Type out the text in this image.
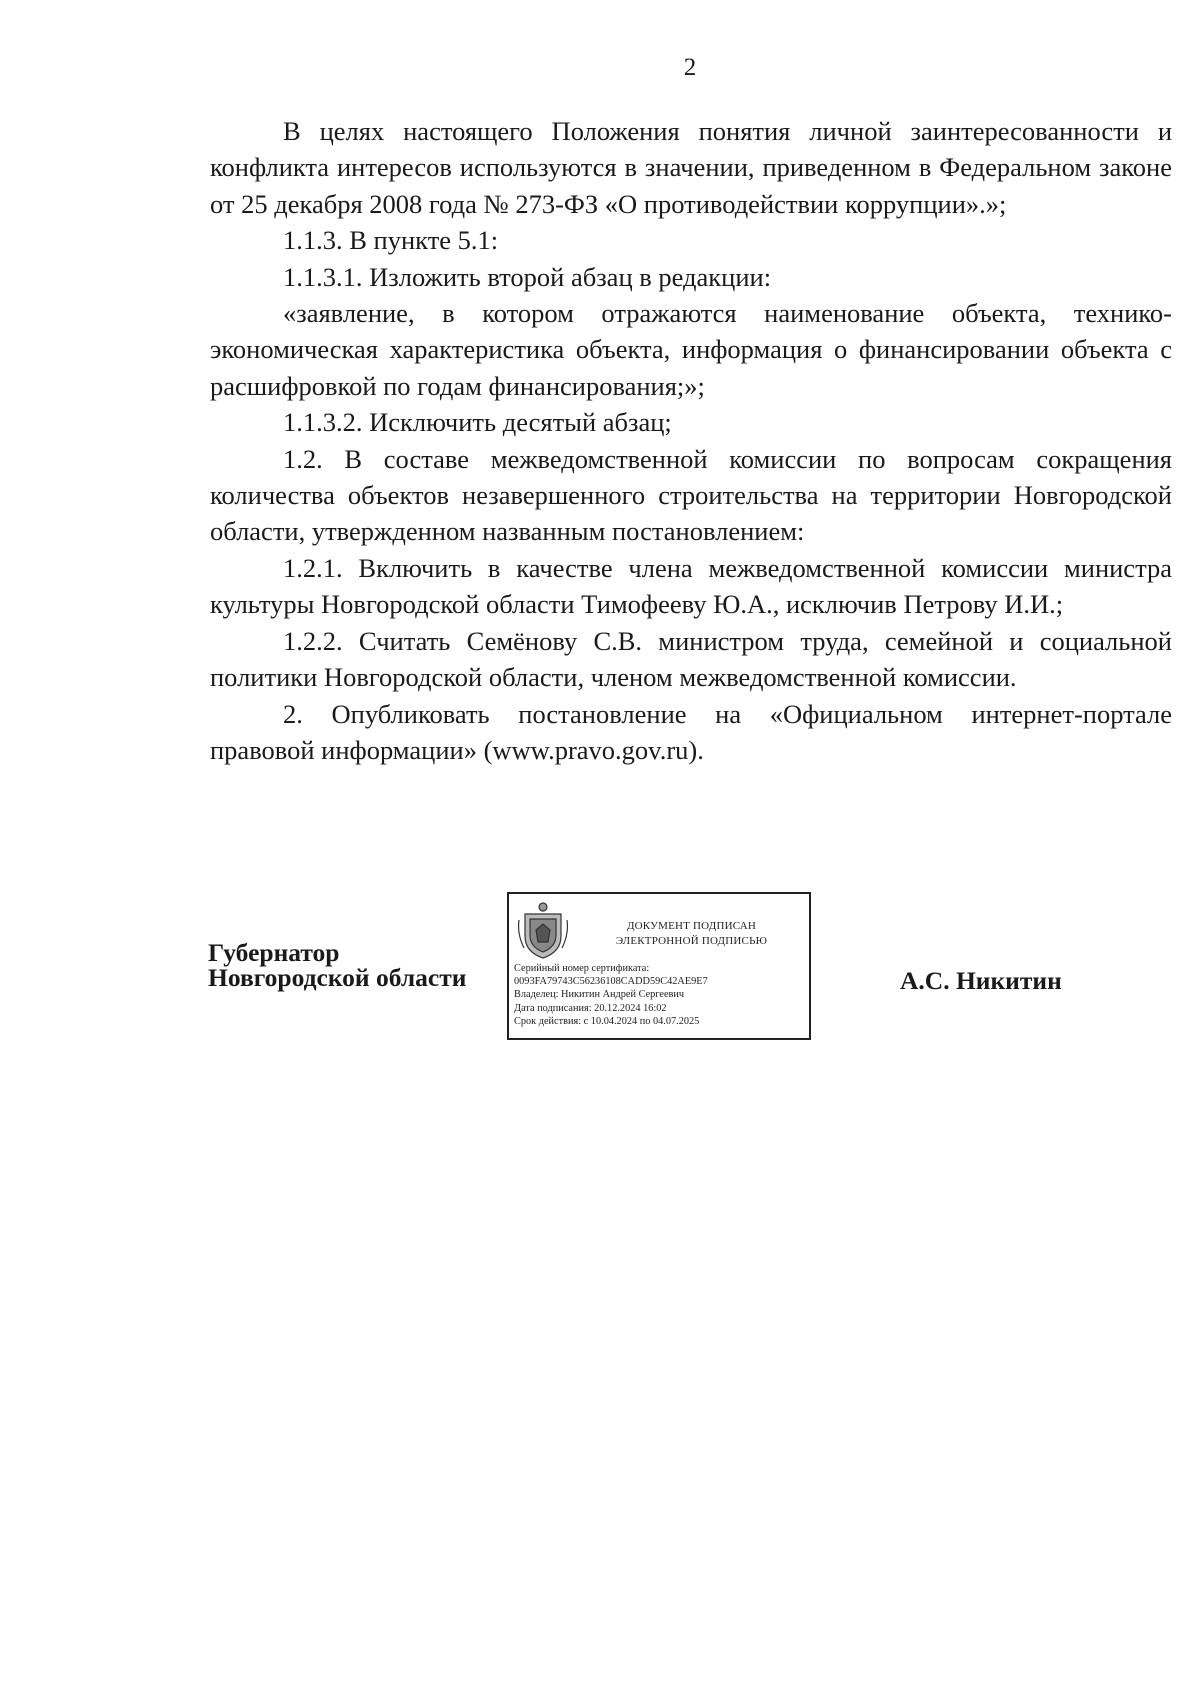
2

В целях настоящего Положения понятия личной заинтересованности и конфликта интересов используются в значении, приведенном в Федеральном законе от 25 декабря 2008 года № 273-ФЗ «О противодействии коррупции».»;

1.1.3. В пункте 5.1:

1.1.3.1. Изложить второй абзац в редакции:

«заявление, в котором отражаются наименование объекта, технико-экономическая характеристика объекта, информация о финансировании объекта с расшифровкой по годам финансирования;»;

1.1.3.2. Исключить десятый абзац;

1.2. В составе межведомственной комиссии по вопросам сокращения количества объектов незавершенного строительства на территории Новгородской области, утвержденном названным постановлением:

1.2.1. Включить в качестве члена межведомственной комиссии министра культуры Новгородской области Тимофееву Ю.А., исключив Петрову И.И.;

1.2.2. Считать Семёнову С.В. министром труда, семейной и социальной политики Новгородской области, членом межведомственной комиссии.

2. Опубликовать постановление на «Официальном интернет-портале правовой информации» (www.pravo.gov.ru).

Губернатор
Новгородской области
ДОКУМЕНТ ПОДПИСАН
ЭЛЕКТРОННОЙ ПОДПИСЬЮ
Серийный номер сертификата:
0093FA79743C56236108CADD59C42AE9E7
Владелец: Никитин Андрей Сергеевич
Дата подписания: 20.12.2024 16:02
Срок действия: с 10.04.2024 по 04.07.2025
А.С. Никитин
